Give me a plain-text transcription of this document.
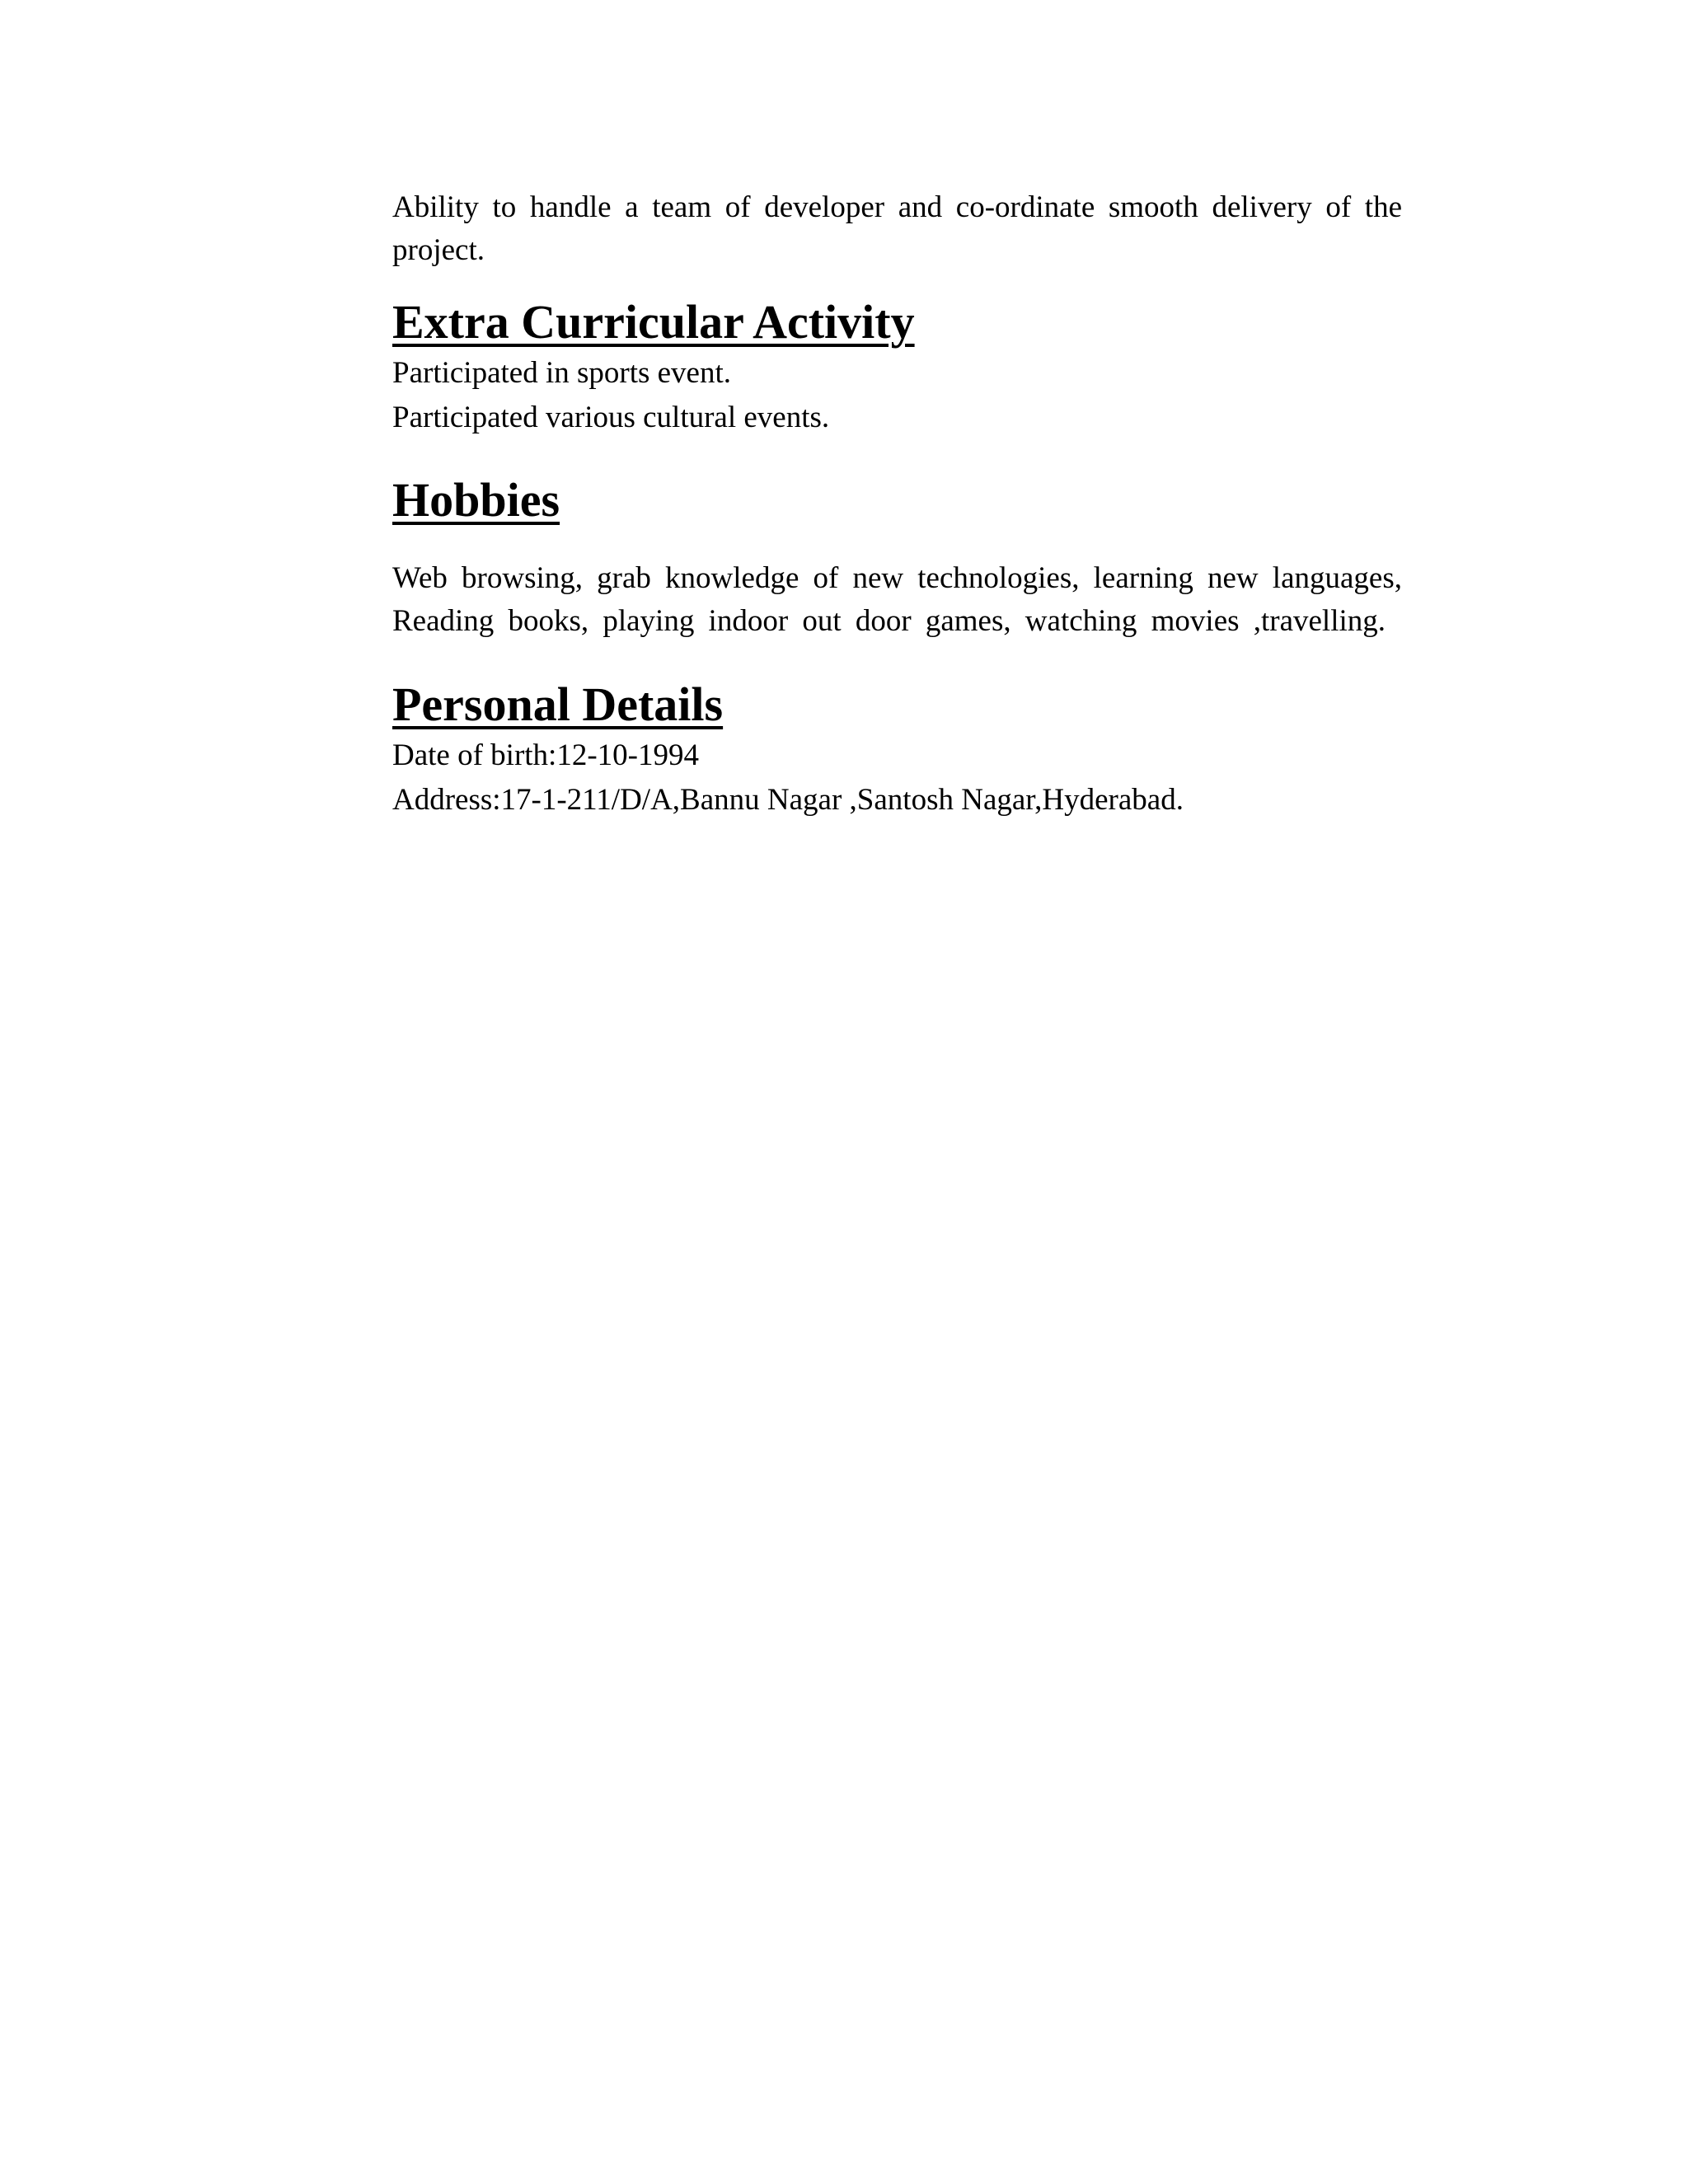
Ability to handle a team of developer and co-ordinate smooth delivery of the
project.
Extra Curricular Activity

Participated in sports event.

Participated various cultural events.

Hobbies
Web browsing, grab knowledge of new technologies, learning new languages,
Reading books, playing indoor out door games, watching movies ,travelling.
Personal Details

Date of birth:12-10-1994

Address:17-1-211/D/A,Bannu Nagar ,Santosh Nagar,Hyderabad.
